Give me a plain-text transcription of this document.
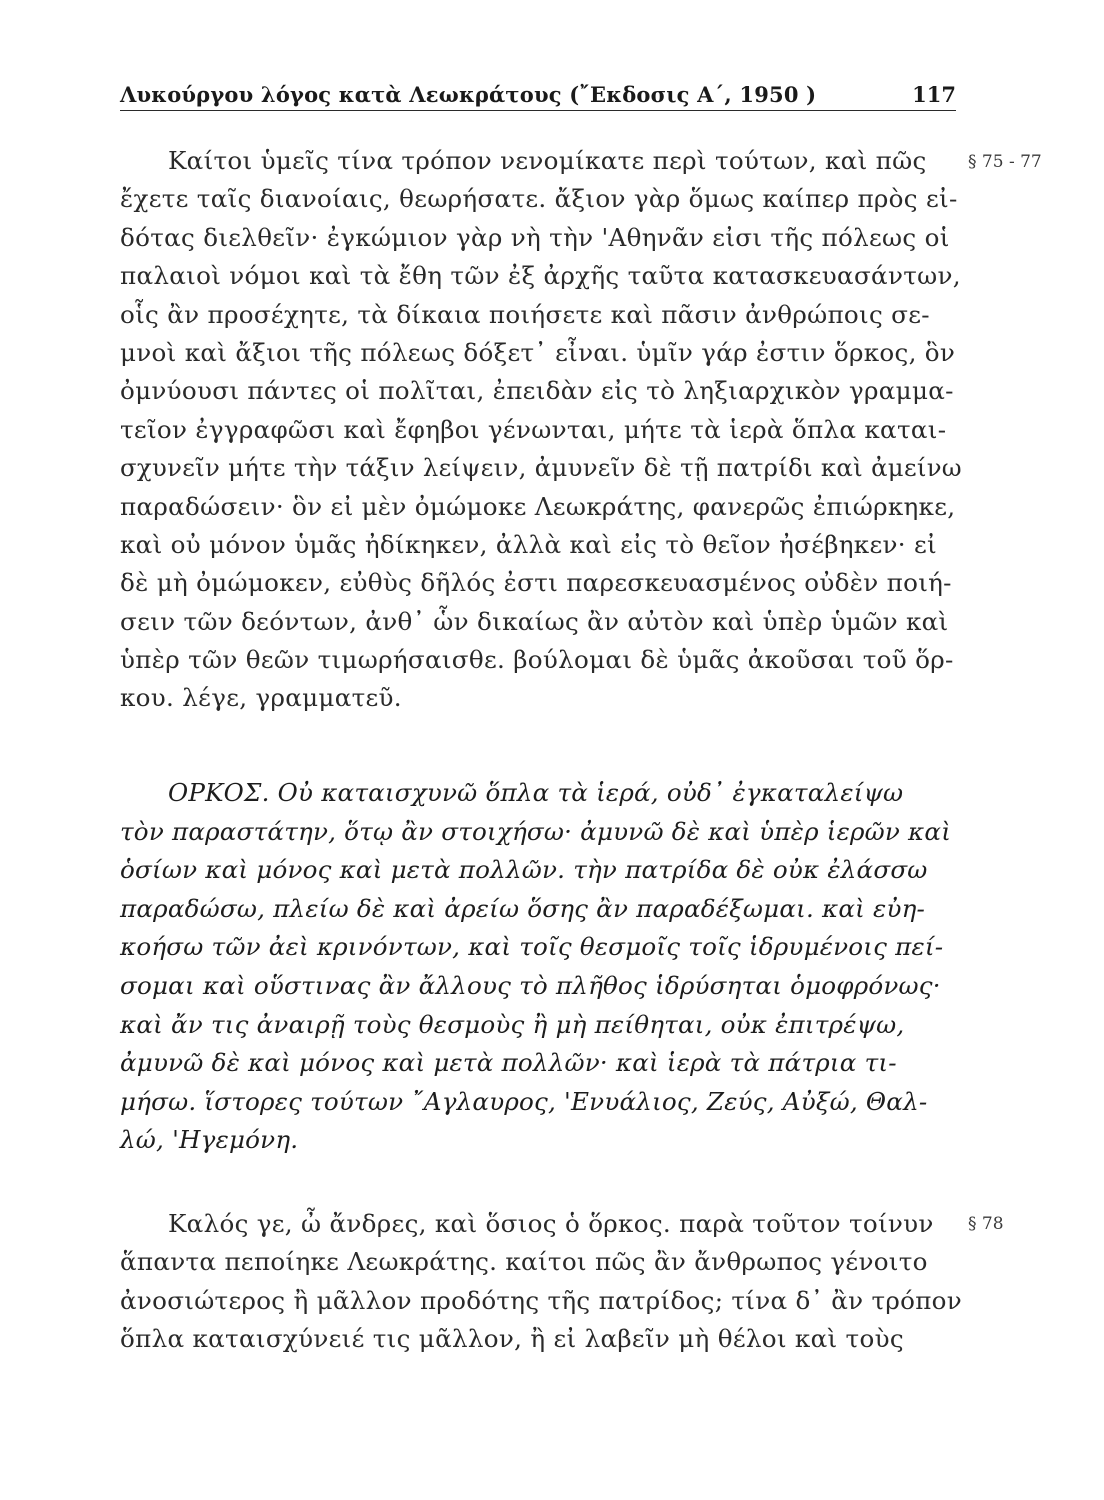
Λυκούργου λόγος κατὰ Λεωκράτους (῎Εκδοσις Α΄, 1950 )	117
§ 75 - 77
Καίτοι ὑμεῖς τίνα τρόπον νενομίκατε περὶ τούτων, καὶ πῶς
ἔχετε ταῖς διανοίαις, θεωρήσατε. ἄξιον γὰρ ὅμως καίπερ πρὸς εἰ-
δότας διελθεῖν· ἐγκώμιον γὰρ νὴ τὴν 'Αθηνᾶν εἰσι τῆς πόλεως οἱ
παλαιοὶ νόμοι καὶ τὰ ἔθη τῶν ἐξ ἀρχῆς ταῦτα κατασκευασάντων,
οἷς ἂν προσέχητε, τὰ δίκαια ποιήσετε καὶ πᾶσιν ἀνθρώποις σε-
μνοὶ καὶ ἄξιοι τῆς πόλεως δόξετ᾿ εἶναι. ὑμῖν γάρ ἐστιν ὅρκος, ὃν
ὀμνύουσι πάντες οἱ πολῖται, ἐπειδὰν εἰς τὸ ληξιαρχικὸν γραμμα-
τεῖον ἐγγραφῶσι καὶ ἔφηβοι γένωνται, μήτε τὰ ἱερὰ ὅπλα καται-
σχυνεῖν μήτε τὴν τάξιν λείψειν, ἀμυνεῖν δὲ τῇ πατρίδι καὶ ἀμείνω
παραδώσειν· ὃν εἰ μὲν ὀμώμοκε Λεωκράτης, φανερῶς ἐπιώρκηκε,
καὶ οὐ μόνον ὑμᾶς ἠδίκηκεν, ἀλλὰ καὶ εἰς τὸ θεῖον ἠσέβηκεν· εἰ
δὲ μὴ ὀμώμοκεν, εὐθὺς δῆλός ἐστι παρεσκευασμένος οὐδὲν ποιή-
σειν τῶν δεόντων, ἀνθ᾿ ὧν δικαίως ἂν αὐτὸν καὶ ὑπὲρ ὑμῶν καὶ
ὑπὲρ τῶν θεῶν τιμωρήσαισθε. βούλομαι δὲ ὑμᾶς ἀκοῦσαι τοῦ ὅρ-
κου. λέγε, γραμματεῦ.
ΟΡΚΟΣ. Οὐ καταισχυνῶ ὅπλα τὰ ἱερά, οὐδ᾿ ἐγκαταλείψω
τὸν παραστάτην, ὅτῳ ἂν στοιχήσω· ἀμυνῶ δὲ καὶ ὑπὲρ ἱερῶν καὶ
ὁσίων καὶ μόνος καὶ μετὰ πολλῶν. τὴν πατρίδα δὲ οὐκ ἐλάσσω
παραδώσω, πλείω δὲ καὶ ἀρείω ὅσης ἂν παραδέξωμαι. καὶ εὐη-
κοήσω τῶν ἀεὶ κρινόντων, καὶ τοῖς θεσμοῖς τοῖς ἱδρυμένοις πεί-
σομαι καὶ οὕστινας ἂν ἄλλους τὸ πλῆθος ἱδρύσηται ὁμοφρόνως·
καὶ ἄν τις ἀναιρῇ τοὺς θεσμοὺς ἢ μὴ πείθηται, οὐκ ἐπιτρέψω,
ἀμυνῶ δὲ καὶ μόνος καὶ μετὰ πολλῶν· καὶ ἱερὰ τὰ πάτρια τι-
μήσω. ἵστορες τούτων ῎Αγλαυρος, 'Ενυάλιος, Ζεύς, Αὐξώ, Θαλ-
λώ, 'Ηγεμόνη.
§ 78
Καλός γε, ὦ ἄνδρες, καὶ ὅσιος ὁ ὅρκος. παρὰ τοῦτον τοίνυν
ἅπαντα πεποίηκε Λεωκράτης. καίτοι πῶς ἂν ἄνθρωπος γένοιτο
ἀνοσιώτερος ἢ μᾶλλον προδότης τῆς πατρίδος; τίνα δ᾿ ἂν τρόπον
ὅπλα καταισχύνειέ τις μᾶλλον, ἢ εἰ λαβεῖν μὴ θέλοι καὶ τοὺς
